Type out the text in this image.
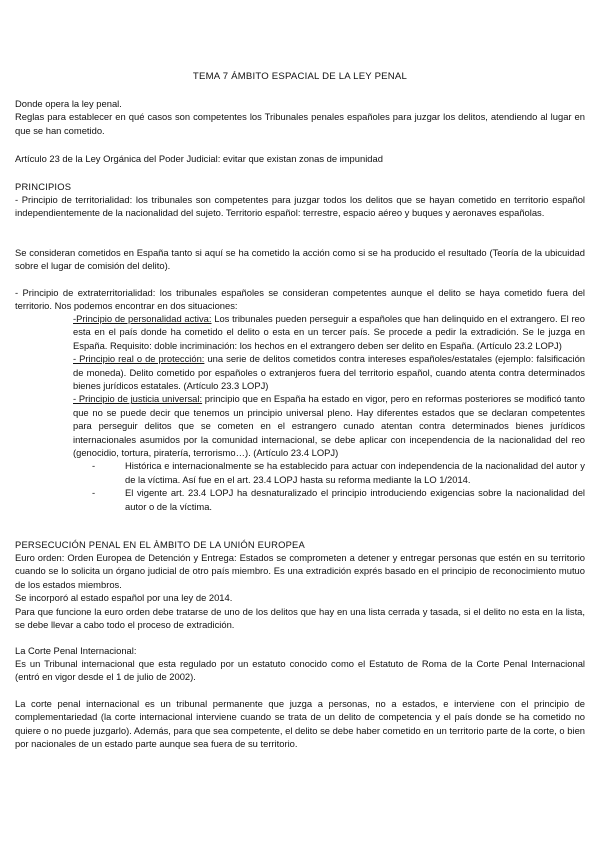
TEMA 7 ÁMBITO ESPACIAL DE LA LEY PENAL

Donde opera la ley penal.

Reglas para establecer en qué casos son competentes los Tribunales penales españoles para juzgar los delitos, atendiendo al lugar en que se han cometido.

Artículo 23 de la Ley Orgánica del Poder Judicial: evitar que existan zonas de impunidad
PRINCIPIOS
- Principio de territorialidad: los tribunales son competentes para juzgar todos los delitos que se hayan cometido en territorio español independientemente de la nacionalidad del sujeto. Territorio español: terrestre, espacio aéreo y buques y aeronaves españolas.
Se consideran cometidos en España tanto si aquí se ha cometido la acción como si se ha producido el resultado (Teoría de la ubicuidad sobre el lugar de comisión del delito).
- Principio de extraterritorialidad: los tribunales españoles se consideran competentes aunque el delito se haya cometido fuera del territorio. Nos podemos encontrar en dos situaciones:

-Principio de personalidad activa: Los tribunales pueden perseguir a españoles que han delinquido en el extrangero. El reo esta en el país donde ha cometido el delito o esta en un tercer país. Se procede a pedir la extradición. Se le juzga en España. Requisito: doble incriminación: los hechos en el extrangero deben ser delito en España. (Artículo 23.2 LOPJ)

- Principio real o de protección: una serie de delitos cometidos contra intereses españoles/estatales (ejemplo: falsificación de moneda). Delito cometido por españoles o extranjeros fuera del territorio español, cuando atenta contra determinados bienes jurídicos estatales. (Artículo 23.3 LOPJ)

- Principio de justicia universal: principio que en España ha estado en vigor, pero en reformas posteriores se modificó tanto que no se puede decir que tenemos un principio universal pleno. Hay diferentes estados que se declaran competentes para perseguir delitos que se cometen en el estrangero cunado atentan contra determinados bienes jurídicos internacionales asumidos por la comunidad internacional, se debe aplicar con incependencia de la nacionalidad del reo (genocidio, tortura, piratería, terrorismo…). (Artículo 23.4 LOPJ)

-	Histórica e internacionalmente se ha establecido para actuar con independencia de la nacionalidad del autor y de la víctima. Así fue en el art. 23.4 LOPJ hasta su reforma mediante la LO 1/2014.
-	El vigente art. 23.4 LOPJ ha desnaturalizado el principio introduciendo exigencias sobre la nacionalidad del autor o de la víctima.
PERSECUCIÓN PENAL EN EL ÀMBITO DE LA UNIÓN EUROPEA

Euro orden: Orden Europea de Detención y Entrega: Estados se comprometen a detener y entregar personas que estén en su territorio cuando se lo solicita un órgano judicial de otro país miembro. Es una extradición exprés basado en el principio de reconocimiento mutuo de los estados miembros.

Se incorporó al estado español por una ley de 2014.

Para que funcione la euro orden debe tratarse de uno de los delitos que hay en una lista cerrada y tasada, si el delito no esta en la lista, se debe llevar a cabo todo el proceso de extradición.

La Corte Penal Internacional:
Es un Tribunal internacional que esta regulado por un estatuto conocido como el Estatuto de Roma de la Corte Penal Internacional (entró en vigor desde el 1 de julio de 2002).
La corte penal internacional es un tribunal permanente que juzga a personas, no a estados, e interviene con el principio de complementariedad (la corte internacional interviene cuando se trata de un delito de competencia y el país donde se ha cometido no quiere o no puede juzgarlo). Además, para que sea competente, el delito se debe haber cometido en un territorio parte de la corte, o bien por nacionales de un estado parte aunque sea fuera de su territorio.
